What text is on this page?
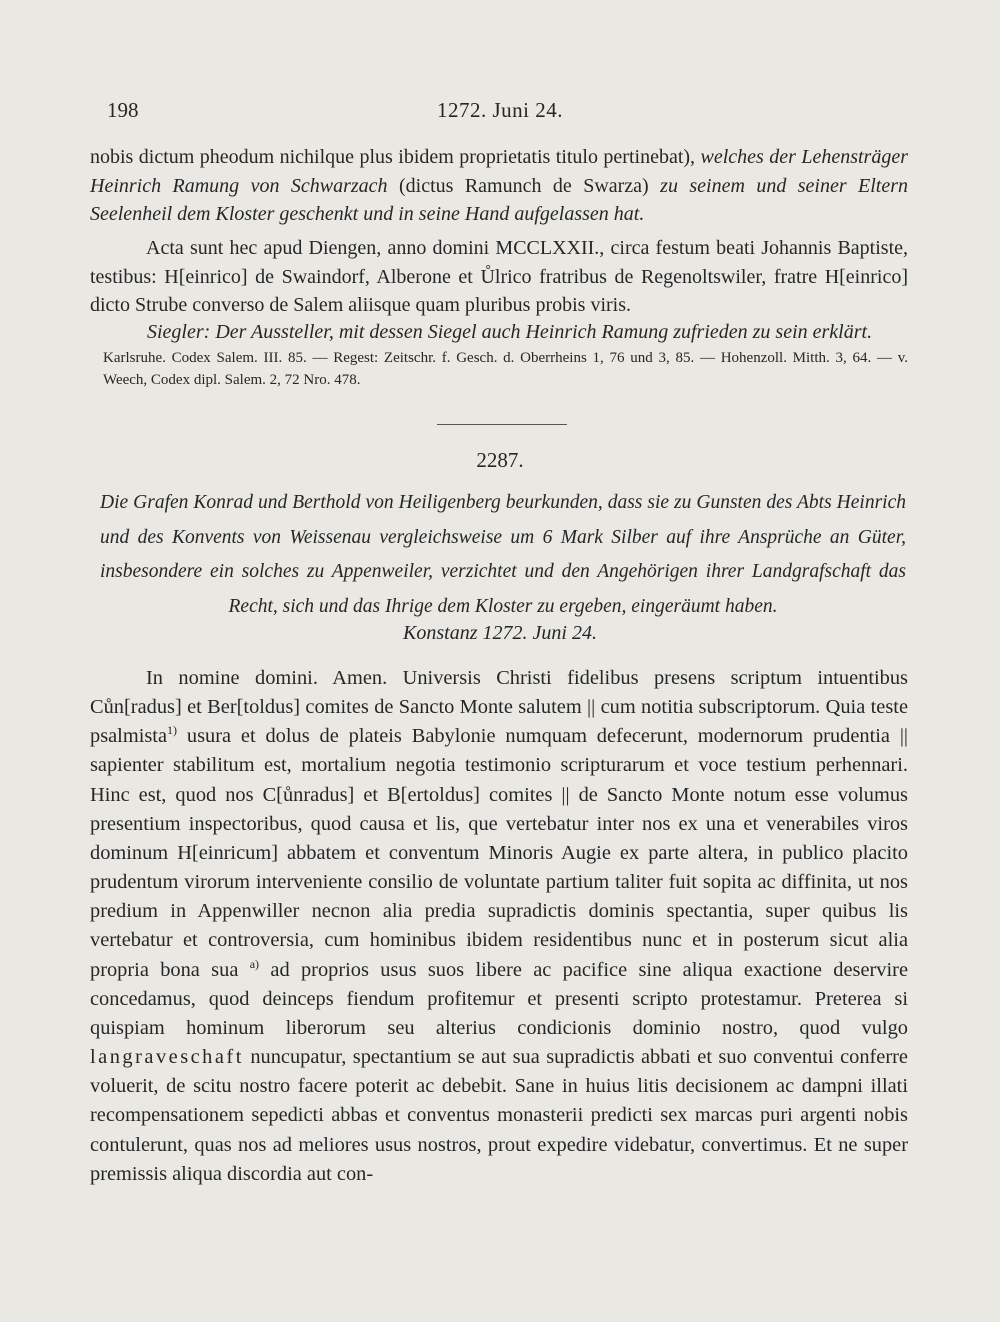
198	1272. Juni 24.

nobis dictum pheodum nichilque plus ibidem proprietatis titulo pertinebat), welches der Lehensträger Heinrich Ramung von Schwarzach (dictus Ramunch de Swarza) zu seinem und seiner Eltern Seelenheil dem Kloster geschenkt und in seine Hand aufgelassen hat.

Acta sunt hec apud Diengen, anno domini MCCLXXII., circa festum beati Johannis Baptiste, testibus: H[einrico] de Swaindorf, Alberone et Ůlrico fratribus de Regenoltswiler, fratre H[einrico] dicto Strube converso de Salem aliisque quam pluribus probis viris.

Siegler: Der Aussteller, mit dessen Siegel auch Heinrich Ramung zufrieden zu sein erklärt.

Karlsruhe. Codex Salem. III. 85. — Regest: Zeitschr. f. Gesch. d. Oberrheins 1, 76 und 3, 85. — Hohenzoll. Mitth. 3, 64. — v. Weech, Codex dipl. Salem. 2, 72 Nro. 478.

2287.

Die Grafen Konrad und Berthold von Heiligenberg beurkunden, dass sie zu Gunsten des Abts Heinrich und des Konvents von Weissenau vergleichsweise um 6 Mark Silber auf ihre Ansprüche an Güter, insbesondere ein solches zu Appenweiler, verzichtet und den Angehörigen ihrer Landgrafschaft das Recht, sich und das Ihrige dem Kloster zu ergeben, eingeräumt haben.

Konstanz 1272. Juni 24.

In nomine domini. Amen. Universis Christi fidelibus presens scriptum intuentibus Cůn[radus] et Ber[toldus] comites de Sancto Monte salutem || cum notitia subscriptorum. Quia teste psalmista$^{1)}$ usura et dolus de plateis Babylonie numquam defecerunt, modernorum prudentia || sapienter stabilitum est, mortalium negotia testimonio scripturarum et voce testium perhennari. Hinc est, quod nos C[ůnradus] et B[ertoldus] comites || de Sancto Monte notum esse volumus presentium inspectoribus, quod causa et lis, que vertebatur inter nos ex una et venerabiles viros dominum H[einricum] abbatem et conventum Minoris Augie ex parte altera, in publico placito prudentum virorum interveniente consilio de voluntate partium taliter fuit sopita ac diffinita, ut nos predium in Appenwiller necnon alia predia supradictis dominis spectantia, super quibus lis vertebatur et controversia, cum hominibus ibidem residentibus nunc et in posterum sicut alia propria bona sua $^{a)}$ ad proprios usus suos libere ac pacifice sine aliqua exactione deservire concedamus, quod deinceps fiendum profitemur et presenti scripto protestamur. Preterea si quispiam hominum liberorum seu alterius condicionis dominio nostro, quod vulgo langraveschaft nuncupatur, spectantium se aut sua supradictis abbati et suo conventui conferre voluerit, de scitu nostro facere poterit ac debebit. Sane in huius litis decisionem ac dampni illati recompensationem sepedicti abbas et conventus monasterii predicti sex marcas puri argenti nobis contulerunt, quas nos ad meliores usus nostros, prout expedire videbatur, convertimus. Et ne super premissis aliqua discordia aut con-
